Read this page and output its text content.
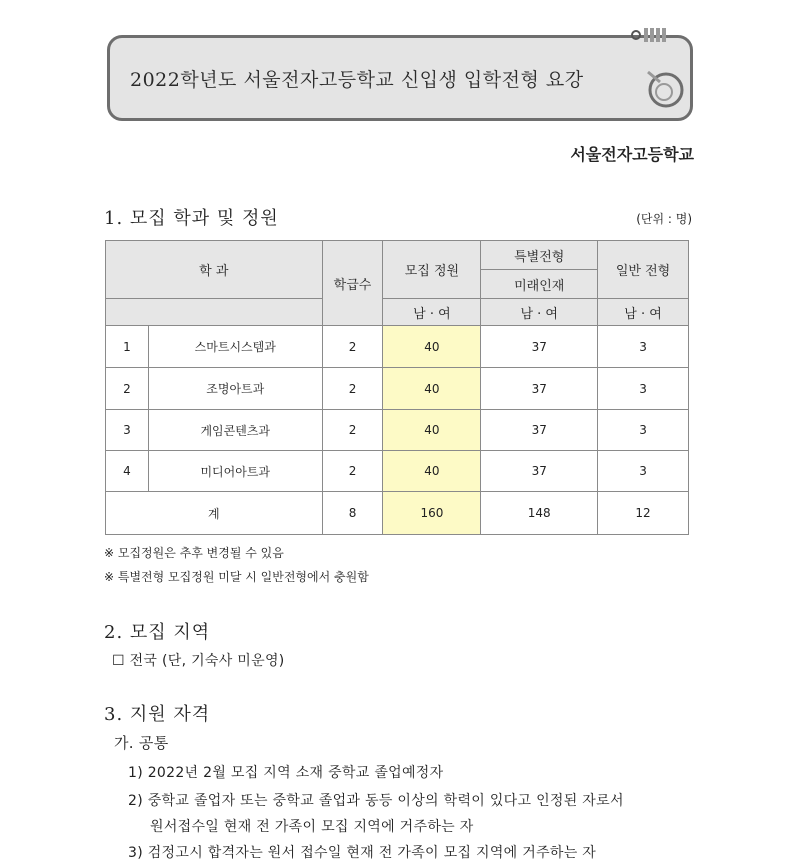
2022학년도 서울전자고등학교 신입생 입학전형 요강
서울전자고등학교
1. 모집 학과 및 정원	(단위 : 명)
학 과		학급수	모집 정원	특별전형	일반 전형
				미래인재	
			남 · 여	남 · 여	남 · 여
1	스마트시스템과	2	40	37	3
2	조명아트과	2	40	37	3
3	게임콘텐츠과	2	40	37	3
4	미디어아트과	2	40	37	3
계		8	160	148	12
※ 모집정원은 추후 변경될 수 있음
※ 특별전형 모집정원 미달 시 일반전형에서 충원함
2. 모집 지역
☐ 전국 (단, 기숙사 미운영)
3. 지원 자격
가. 공통
1) 2022년 2월 모집 지역 소재 중학교 졸업예정자
2) 중학교 졸업자 또는 중학교 졸업과 동등 이상의 학력이 있다고 인정된 자로서
원서접수일 현재 전 가족이 모집 지역에 거주하는 자
3) 검정고시 합격자는 원서 접수일 현재 전 가족이 모집 지역에 거주하는 자
